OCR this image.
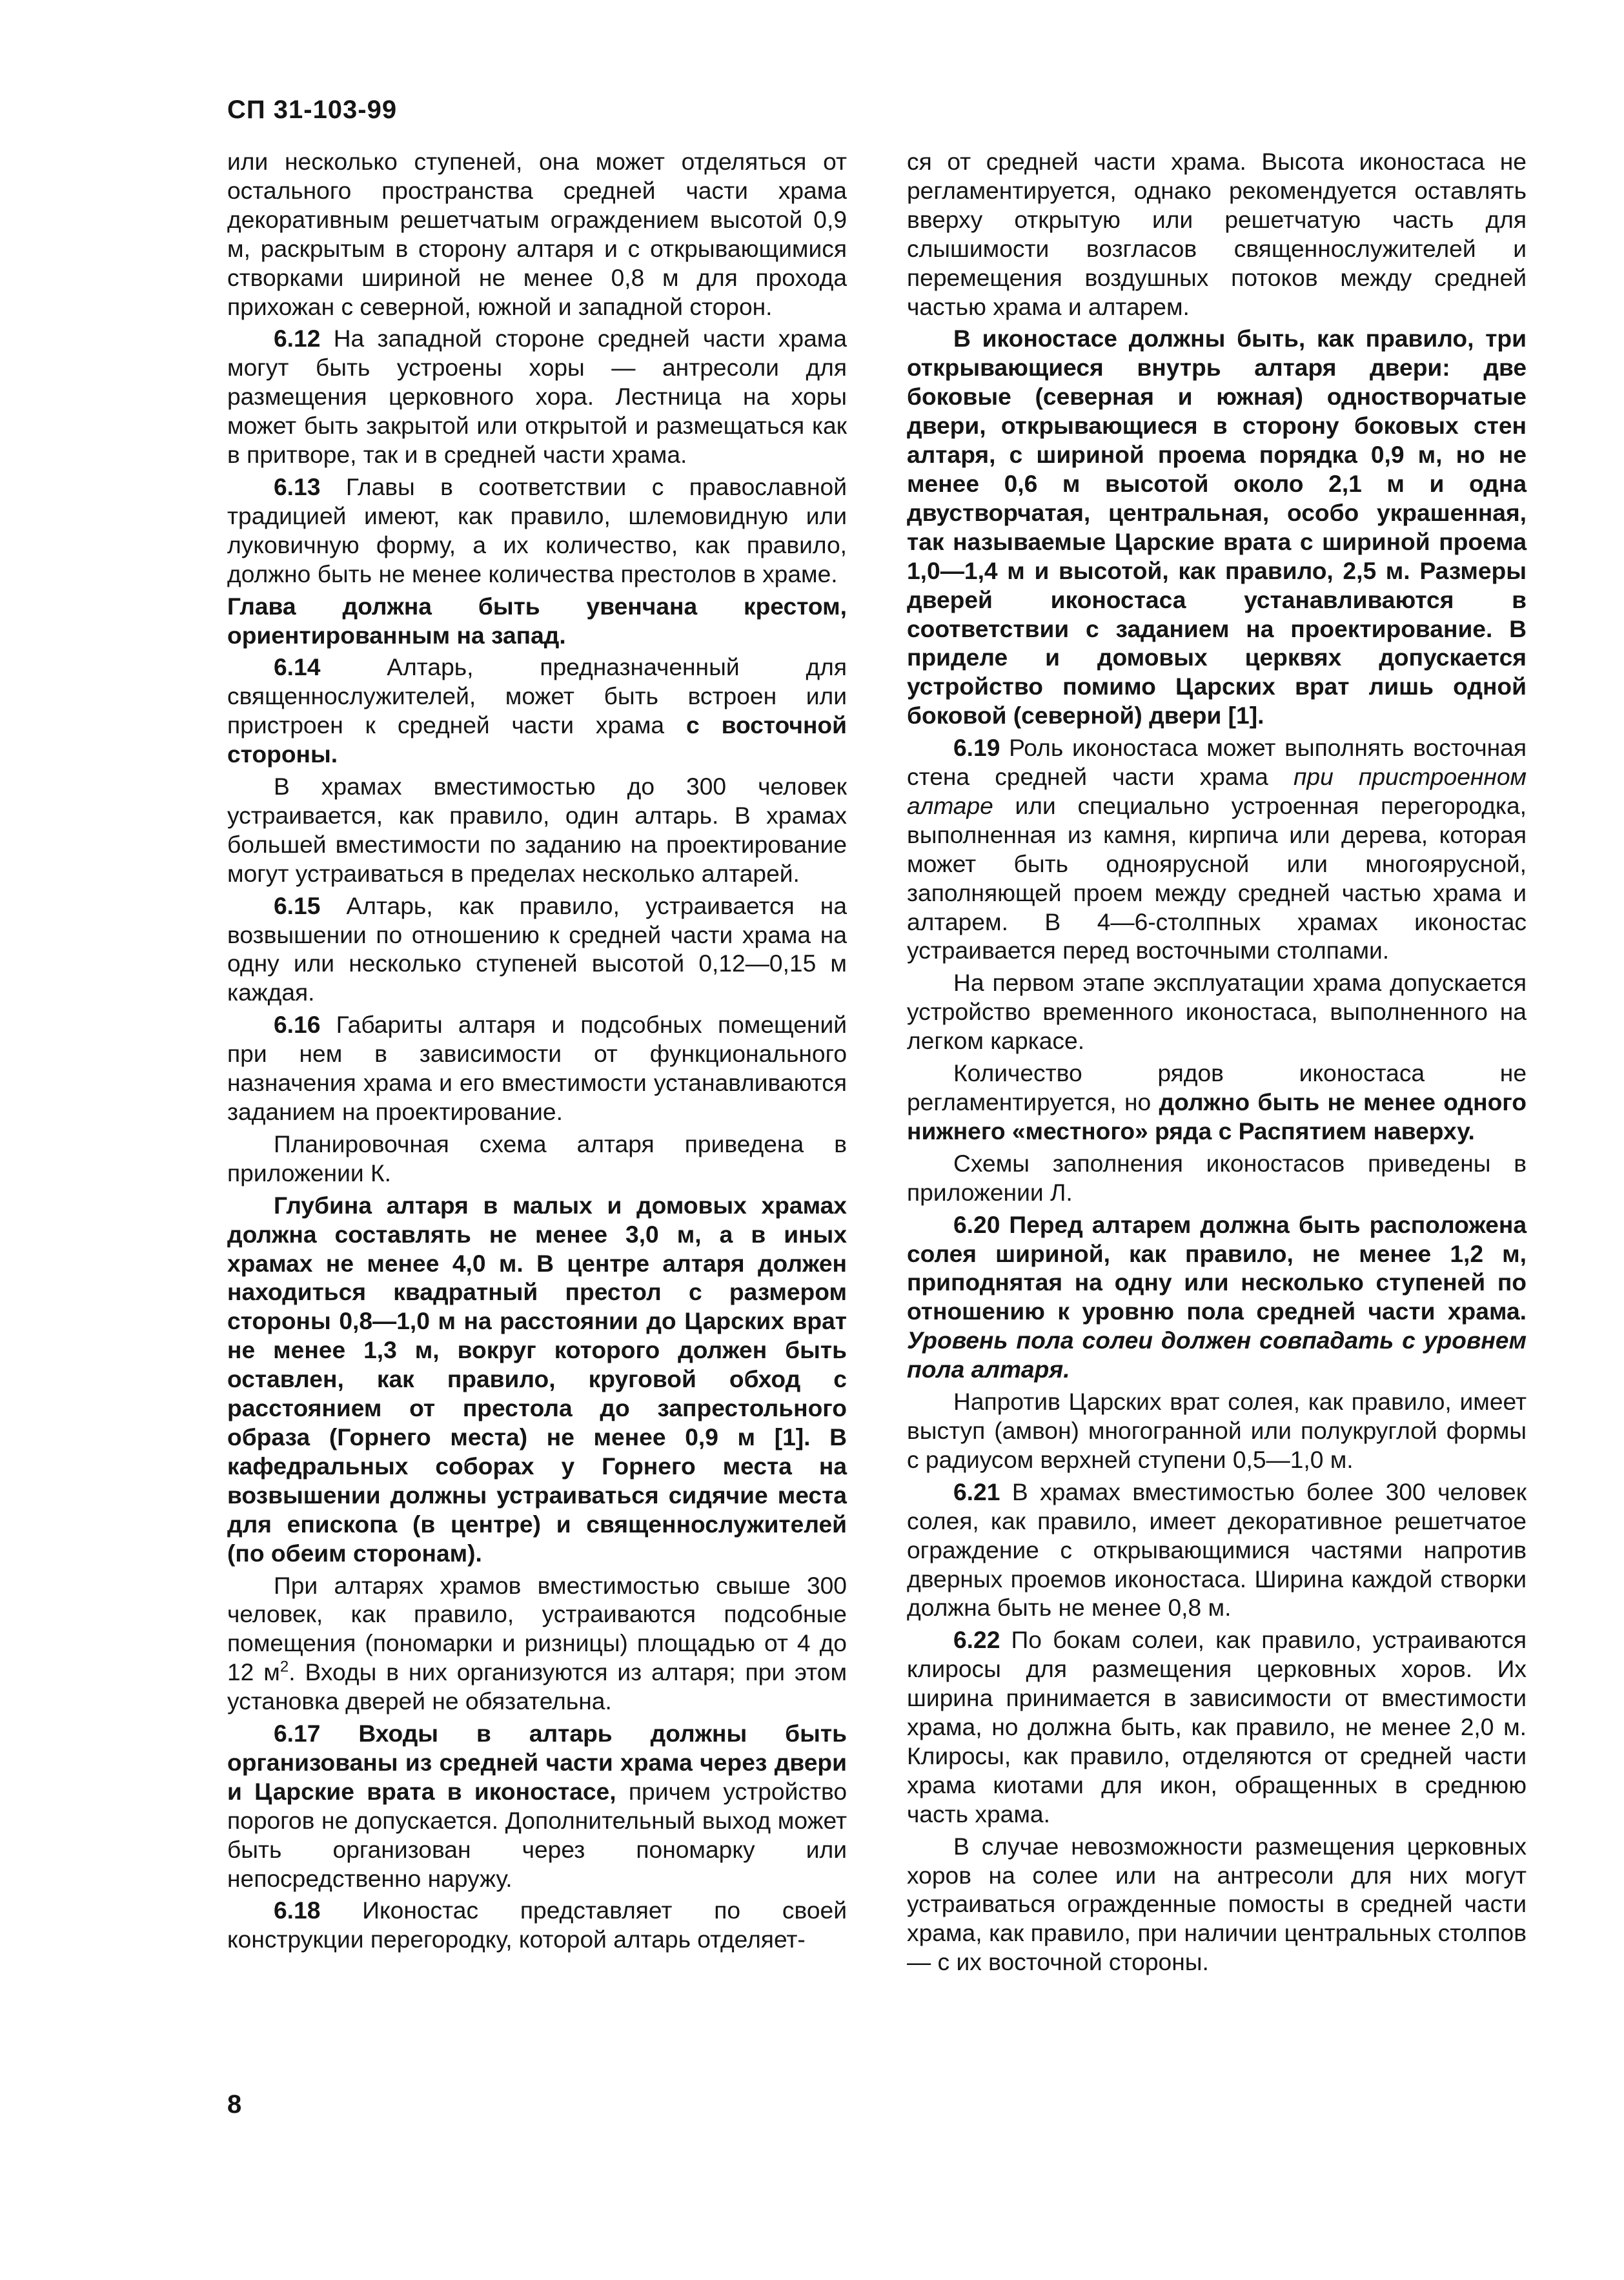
СП 31-103-99

или несколько ступеней, она может отделяться от остального пространства средней части храма декоративным решетчатым ограждением высотой 0,9 м, раскрытым в сторону алтаря и с открывающимися створками шириной не менее 0,8 м для прохода прихожан с северной, южной и западной сторон.

6.12 На западной стороне средней части храма могут быть устроены хоры — антресоли для размещения церковного хора. Лестница на хоры может быть закрытой или открытой и размещаться как в притворе, так и в средней части храма.

6.13 Главы в соответствии с православной традицией имеют, как правило, шлемовидную или луковичную форму, а их количество, как правило, должно быть не менее количества престолов в храме.

Глава должна быть увенчана крестом, ориентированным на запад.

6.14 Алтарь, предназначенный для священнослужителей, может быть встроен или пристроен к средней части храма с восточной стороны.

В храмах вместимостью до 300 человек устраивается, как правило, один алтарь. В храмах большей вместимости по заданию на проектирование могут устраиваться в пределах несколько алтарей.

6.15 Алтарь, как правило, устраивается на возвышении по отношению к средней части храма на одну или несколько ступеней высотой 0,12—0,15 м каждая.

6.16 Габариты алтаря и подсобных помещений при нем в зависимости от функционального назначения храма и его вместимости устанавливаются заданием на проектирование.

Планировочная схема алтаря приведена в приложении К.

Глубина алтаря в малых и домовых храмах должна составлять не менее 3,0 м, а в иных храмах не менее 4,0 м. В центре алтаря должен находиться квадратный престол с размером стороны 0,8—1,0 м на расстоянии до Царских врат не менее 1,3 м, вокруг которого должен быть оставлен, как правило, круговой обход с расстоянием от престола до запрестольного образа (Горнего места) не менее 0,9 м [1]. В кафедральных соборах у Горнего места на возвышении должны устраиваться сидячие места для епископа (в центре) и священнослужителей (по обеим сторонам).

При алтарях храмов вместимостью свыше 300 человек, как правило, устраиваются подсобные помещения (пономарки и ризницы) площадью от 4 до 12 $м^2$. Входы в них организуются из алтаря; при этом установка дверей не обязательна.

6.17 Входы в алтарь должны быть организованы из средней части храма через двери и Царские врата в иконостасе, причем устройство порогов не допускается. Дополнительный выход может быть организован через пономарку или непосредственно наружу.

6.18 Иконостас представляет по своей конструкции перегородку, которой алтарь отделяет-

ся от средней части храма. Высота иконостаса не регламентируется, однако рекомендуется оставлять вверху открытую или решетчатую часть для слышимости возгласов священнослужителей и перемещения воздушных потоков между средней частью храма и алтарем.

В иконостасе должны быть, как правило, три открывающиеся внутрь алтаря двери: две боковые (северная и южная) одностворчатые двери, открывающиеся в сторону боковых стен алтаря, с шириной проема порядка 0,9 м, но не менее 0,6 м высотой около 2,1 м и одна двустворчатая, центральная, особо украшенная, так называемые Царские врата с шириной проема 1,0—1,4 м и высотой, как правило, 2,5 м. Размеры дверей иконостаса устанавливаются в соответствии с заданием на проектирование. В приделе и домовых церквях допускается устройство помимо Царских врат лишь одной боковой (северной) двери [1].

6.19 Роль иконостаса может выполнять восточная стена средней части храма при пристроенном алтаре или специально устроенная перегородка, выполненная из камня, кирпича или дерева, которая может быть одноярусной или многоярусной, заполняющей проем между средней частью храма и алтарем. В 4—6-столпных храмах иконостас устраивается перед восточными столпами.

На первом этапе эксплуатации храма допускается устройство временного иконостаса, выполненного на легком каркасе.

Количество рядов иконостаса не регламентируется, но должно быть не менее одного нижнего «местного» ряда с Распятием наверху.

Схемы заполнения иконостасов приведены в приложении Л.

6.20 Перед алтарем должна быть расположена солея шириной, как правило, не менее 1,2 м, приподнятая на одну или несколько ступеней по отношению к уровню пола средней части храма. Уровень пола солеи должен совпадать с уровнем пола алтаря.

Напротив Царских врат солея, как правило, имеет выступ (амвон) многогранной или полукруглой формы с радиусом верхней ступени 0,5—1,0 м.

6.21 В храмах вместимостью более 300 человек солея, как правило, имеет декоративное решетчатое ограждение с открывающимися частями напротив дверных проемов иконостаса. Ширина каждой створки должна быть не менее 0,8 м.

6.22 По бокам солеи, как правило, устраиваются клиросы для размещения церковных хоров. Их ширина принимается в зависимости от вместимости храма, но должна быть, как правило, не менее 2,0 м. Клиросы, как правило, отделяются от средней части храма киотами для икон, обращенных в среднюю часть храма.

В случае невозможности размещения церковных хоров на солее или на антресоли для них могут устраиваться огражденные помосты в средней части храма, как правило, при наличии центральных столпов — с их восточной стороны.

8
